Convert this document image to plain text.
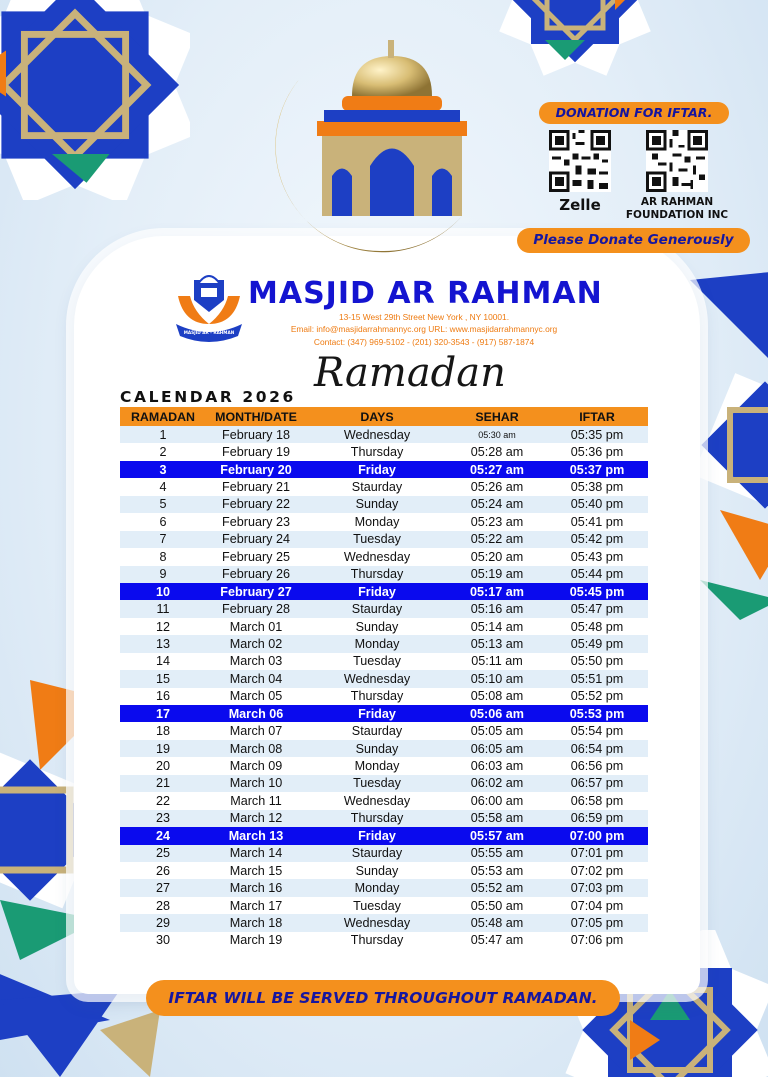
MASJID AR - RAHMAN
MASJID AR RAHMAN
13-15 West 29th Street New York , NY 10001.
Email: info@masjidarrahmannyc.org URL: www.masjidarrahmannyc.org
Contact: (347) 969-5102 - (201) 320-3543 - (917) 587-1874
DONATION FOR IFTAR.
Zelle	AR RAHMAN
FOUNDATION INC
Please Donate Generously
CALENDAR 2026
Ramadan
RAMADAN	MONTH/DATE	DAYS	SEHAR	IFTAR
1	February 18	Wednesday	05:30 am	05:35 pm
2	February 19	Thursday	05:28 am	05:36 pm
3	February 20	Friday	05:27 am	05:37 pm
4	February 21	Staurday	05:26 am	05:38 pm
5	February 22	Sunday	05:24 am	05:40 pm
6	February 23	Monday	05:23 am	05:41 pm
7	February 24	Tuesday	05:22 am	05:42 pm
8	February 25	Wednesday	05:20 am	05:43 pm
9	February 26	Thursday	05:19 am	05:44 pm
10	February 27	Friday	05:17 am	05:45 pm
11	February 28	Staurday	05:16 am	05:47 pm
12	March 01	Sunday	05:14 am	05:48 pm
13	March 02	Monday	05:13 am	05:49 pm
14	March 03	Tuesday	05:11 am	05:50 pm
15	March 04	Wednesday	05:10 am	05:51 pm
16	March 05	Thursday	05:08 am	05:52 pm
17	March 06	Friday	05:06 am	05:53 pm
18	March 07	Staurday	05:05 am	05:54 pm
19	March 08	Sunday	06:05 am	06:54 pm
20	March 09	Monday	06:03 am	06:56 pm
21	March 10	Tuesday	06:02 am	06:57 pm
22	March 11	Wednesday	06:00 am	06:58 pm
23	March 12	Thursday	05:58 am	06:59 pm
24	March 13	Friday	05:57 am	07:00 pm
25	March 14	Staurday	05:55 am	07:01 pm
26	March 15	Sunday	05:53 am	07:02 pm
27	March 16	Monday	05:52 am	07:03 pm
28	March 17	Tuesday	05:50 am	07:04 pm
29	March 18	Wednesday	05:48 am	07:05 pm
30	March 19	Thursday	05:47 am	07:06 pm
IFTAR WILL BE SERVED THROUGHOUT RAMADAN.
